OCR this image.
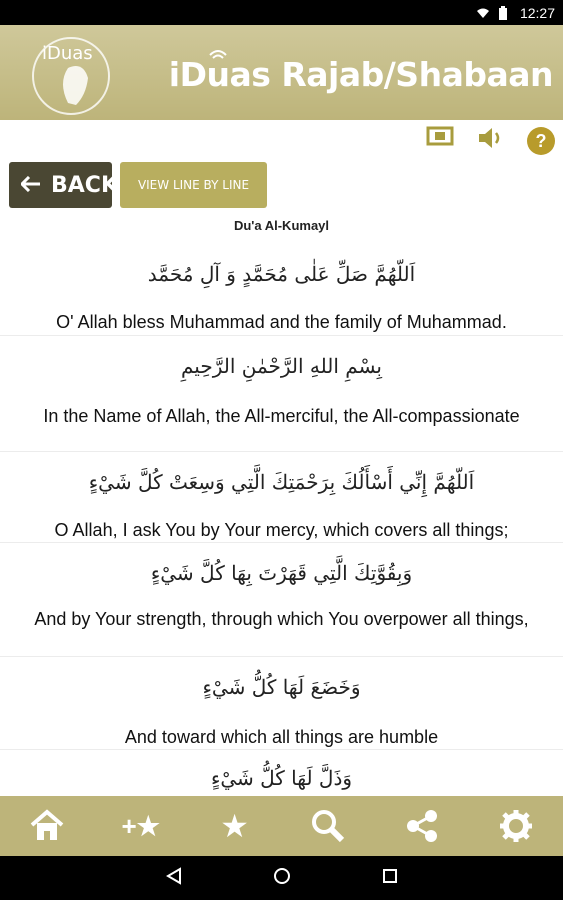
12:27
iDuas
iDuas Rajab/Shabaan
?
BACK	VIEW LINE BY LINE
Du'a Al-Kumayl
اَللّهُمَّ صَلِّ عَلٰى مُحَمَّدٍ وَ آلِ مُحَمَّد
O' Allah bless Muhammad and the family of Muhammad.
بِسْمِ اللهِ الرَّحْمٰنِ الرَّحِيمِ
In the Name of Allah, the All-merciful, the All-compassionate
اَللّهُمَّ إِنِّي أَسْأَلُكَ بِرَحْمَتِكَ الَّتِي وَسِعَتْ كُلَّ شَيْءٍ
O Allah, I ask You by Your mercy, which covers all things;
وَبِقُوَّتِكَ الَّتِي قَهَرْتَ بِهَا كُلَّ شَيْءٍ
And by Your strength, through which You overpower all things,
وَخَضَعَ لَهَا كُلُّ شَيْءٍ
And toward which all things are humble
وَذَلَّ لَهَا كُلُّ شَيْءٍ
+★ ★
